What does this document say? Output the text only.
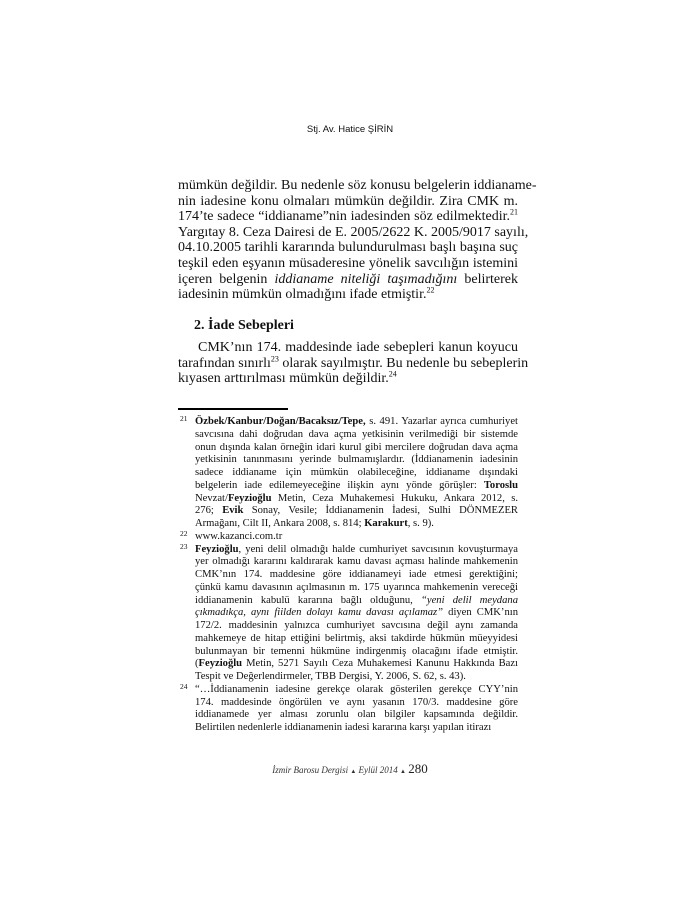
Stj. Av. Hatice ŞİRİN
mümkün değildir. Bu nedenle söz konusu belgelerin iddianame-
nin iadesine konu olmaları mümkün değildir. Zira CMK m.
174’te sadece “iddianame”nin iadesinden söz edilmektedir.$^{21}$
Yargıtay 8. Ceza Dairesi de E. 2005/2622 K. 2005/9017 sayılı,
04.10.2005 tarihli kararında bulundurulması başlı başına suç
teşkil eden eşyanın müsaderesine yönelik savcılığın istemini
içeren belgenin iddianame niteliği taşımadığını belirterek
iadesinin mümkün olmadığını ifade etmiştir.$^{22}$
2. İade Sebepleri
CMK’nın 174. maddesinde iade sebepleri kanun koyucu
tarafından sınırlı$^{23}$ olarak sayılmıştır. Bu nedenle bu sebeplerin
kıyasen arttırılması mümkün değildir.$^{24}$
21 Özbek/Kanbur/Doğan/Bacaksız/Tepe, s. 491. Yazarlar ayrıca cumhuriyet
savcısına dahi doğrudan dava açma yetkisinin verilmediği bir sistemde
onun dışında kalan örneğin idari kurul gibi mercilere doğrudan dava açma
yetkisinin tanınmasını yerinde bulmamışlardır. (İddianamenin iadesinin
sadece iddianame için mümkün olabileceğine, iddianame dışındaki
belgelerin iade edilemeyeceğine ilişkin aynı yönde görüşler: Toroslu
Nevzat/Feyzioğlu Metin, Ceza Muhakemesi Hukuku, Ankara 2012, s.
276; Evik Sonay, Vesile; İddianamenin İadesi, Sulhi DÖNMEZER
Armağanı, Cilt II, Ankara 2008, s. 814; Karakurt, s. 9).
22 www.kazanci.com.tr
23 Feyzioğlu, yeni delil olmadığı halde cumhuriyet savcısının kovuşturmaya
yer olmadığı kararını kaldırarak kamu davası açması halinde mahkemenin
CMK’nın 174. maddesine göre iddianameyi iade etmesi gerektiğini;
çünkü kamu davasının açılmasının m. 175 uyarınca mahkemenin vereceği
iddianamenin kabulü kararına bağlı olduğunu, “yeni delil meydana
çıkmadıkça, aynı fiilden dolayı kamu davası açılamaz” diyen CMK’nın
172/2. maddesinin yalnızca cumhuriyet savcısına değil aynı zamanda
mahkemeye de hitap ettiğini belirtmiş, aksi takdirde hükmün müeyyidesi
bulunmayan bir temenni hükmüne indirgenmiş olacağını ifade etmiştir.
(Feyzioğlu Metin, 5271 Sayılı Ceza Muhakemesi Kanunu Hakkında Bazı
Tespit ve Değerlendirmeler, TBB Dergisi, Y. 2006, S. 62, s. 43).
24 “…İddianamenin iadesine gerekçe olarak gösterilen gerekçe CYY’nin
174. maddesinde öngörülen ve aynı yasanın 170/3. maddesine göre
iddianamede yer alması zorunlu olan bilgiler kapsamında değildir.
Belirtilen nedenlerle iddianamenin iadesi kararına karşı yapılan itirazı
İzmir Barosu Dergisi ▲ Eylül 2014 ▲ 280
